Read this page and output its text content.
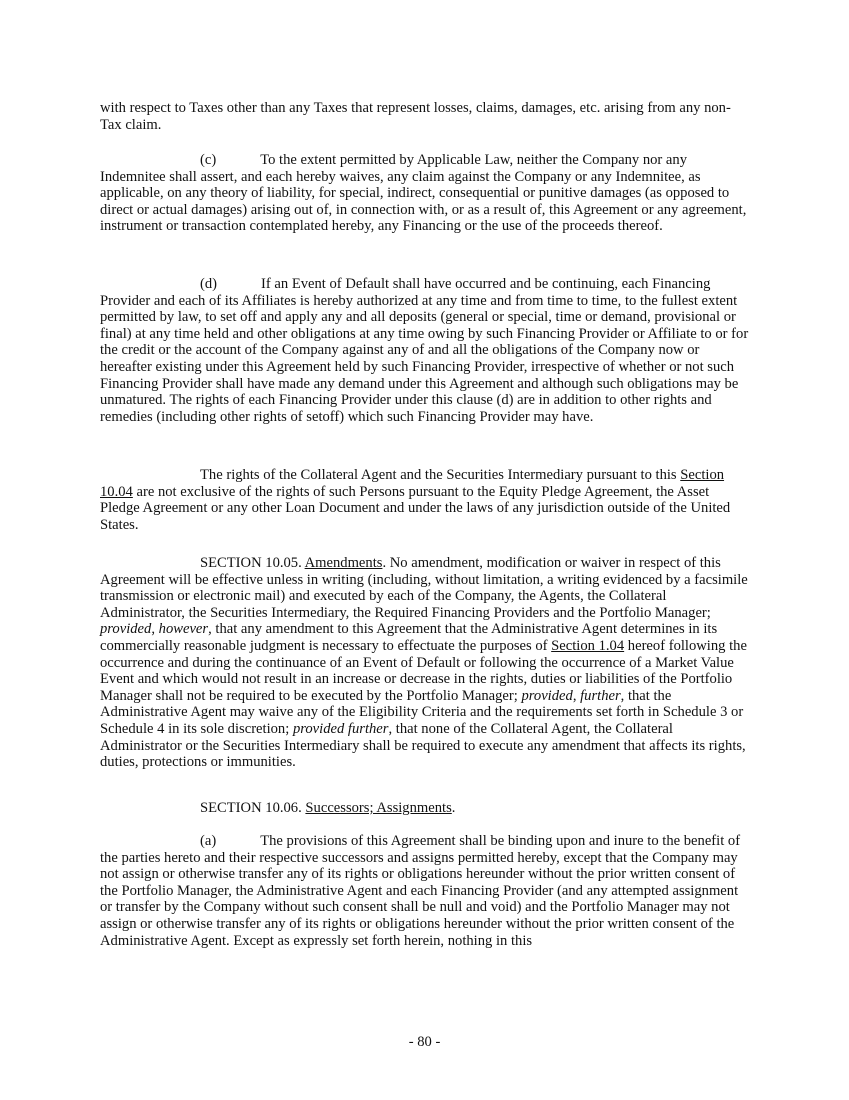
with respect to Taxes other than any Taxes that represent losses, claims, damages, etc. arising from any non-Tax claim.

(c)	To the extent permitted by Applicable Law, neither the Company nor any Indemnitee shall assert, and each hereby waives, any claim against the Company or any Indemnitee, as applicable, on any theory of liability, for special, indirect, consequential or punitive damages (as opposed to direct or actual damages) arising out of, in connection with, or as a result of, this Agreement or any agreement, instrument or transaction contemplated hereby, any Financing or the use of the proceeds thereof.

(d)	If an Event of Default shall have occurred and be continuing, each Financing Provider and each of its Affiliates is hereby authorized at any time and from time to time, to the fullest extent permitted by law, to set off and apply any and all deposits (general or special, time or demand, provisional or final) at any time held and other obligations at any time owing by such Financing Provider or Affiliate to or for the credit or the account of the Company against any of and all the obligations of the Company now or hereafter existing under this Agreement held by such Financing Provider, irrespective of whether or not such Financing Provider shall have made any demand under this Agreement and although such obligations may be unmatured. The rights of each Financing Provider under this clause (d) are in addition to other rights and remedies (including other rights of setoff) which such Financing Provider may have.

The rights of the Collateral Agent and the Securities Intermediary pursuant to this Section 10.04 are not exclusive of the rights of such Persons pursuant to the Equity Pledge Agreement, the Asset Pledge Agreement or any other Loan Document and under the laws of any jurisdiction outside of the United States.

SECTION 10.05. Amendments. No amendment, modification or waiver in respect of this Agreement will be effective unless in writing (including, without limitation, a writing evidenced by a facsimile transmission or electronic mail) and executed by each of the Company, the Agents, the Collateral Administrator, the Securities Intermediary, the Required Financing Providers and the Portfolio Manager; provided, however, that any amendment to this Agreement that the Administrative Agent determines in its commercially reasonable judgment is necessary to effectuate the purposes of Section 1.04 hereof following the occurrence and during the continuance of an Event of Default or following the occurrence of a Market Value Event and which would not result in an increase or decrease in the rights, duties or liabilities of the Portfolio Manager shall not be required to be executed by the Portfolio Manager; provided, further, that the Administrative Agent may waive any of the Eligibility Criteria and the requirements set forth in Schedule 3 or Schedule 4 in its sole discretion; provided further, that none of the Collateral Agent, the Collateral Administrator or the Securities Intermediary shall be required to execute any amendment that affects its rights, duties, protections or immunities.

SECTION 10.06. Successors; Assignments.

(a)	The provisions of this Agreement shall be binding upon and inure to the benefit of the parties hereto and their respective successors and assigns permitted hereby, except that the Company may not assign or otherwise transfer any of its rights or obligations hereunder without the prior written consent of the Portfolio Manager, the Administrative Agent and each Financing Provider (and any attempted assignment or transfer by the Company without such consent shall be null and void) and the Portfolio Manager may not assign or otherwise transfer any of its rights or obligations hereunder without the prior written consent of the Administrative Agent. Except as expressly set forth herein, nothing in this

- 80 -
